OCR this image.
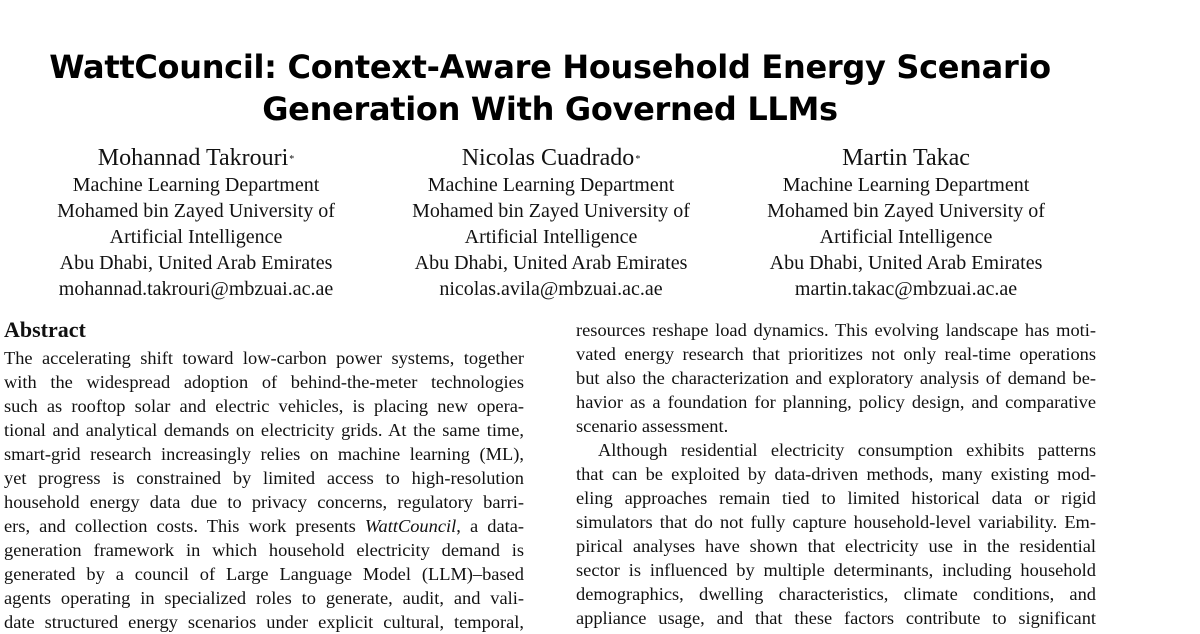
WattCouncil: Context-Aware Household Energy Scenario
Generation With Governed LLMs
Mohannad Takrouri*
Machine Learning Department
Mohamed bin Zayed University of
Artificial Intelligence
Abu Dhabi, United Arab Emirates
mohannad.takrouri@mbzuai.ac.ae
Nicolas Cuadrado*
Machine Learning Department
Mohamed bin Zayed University of
Artificial Intelligence
Abu Dhabi, United Arab Emirates
nicolas.avila@mbzuai.ac.ae
Martin Takac
Machine Learning Department
Mohamed bin Zayed University of
Artificial Intelligence
Abu Dhabi, United Arab Emirates
martin.takac@mbzuai.ac.ae
Abstract
The accelerating shift toward low-carbon power systems, together
with the widespread adoption of behind-the-meter technologies
such as rooftop solar and electric vehicles, is placing new opera-
tional and analytical demands on electricity grids. At the same time,
smart-grid research increasingly relies on machine learning (ML),
yet progress is constrained by limited access to high-resolution
household energy data due to privacy concerns, regulatory barri-
ers, and collection costs. This work presents WattCouncil, a data-
generation framework in which household electricity demand is
generated by a council of Large Language Model (LLM)–based
agents operating in specialized roles to generate, audit, and vali-
date structured energy scenarios under explicit cultural, temporal,
resources reshape load dynamics. This evolving landscape has moti-
vated energy research that prioritizes not only real-time operations
but also the characterization and exploratory analysis of demand be-
havior as a foundation for planning, policy design, and comparative
scenario assessment.
Although residential electricity consumption exhibits patterns
that can be exploited by data-driven methods, many existing mod-
eling approaches remain tied to limited historical data or rigid
simulators that do not fully capture household-level variability. Em-
pirical analyses have shown that electricity use in the residential
sector is influenced by multiple determinants, including household
demographics, dwelling characteristics, climate conditions, and
appliance usage, and that these factors contribute to significant
